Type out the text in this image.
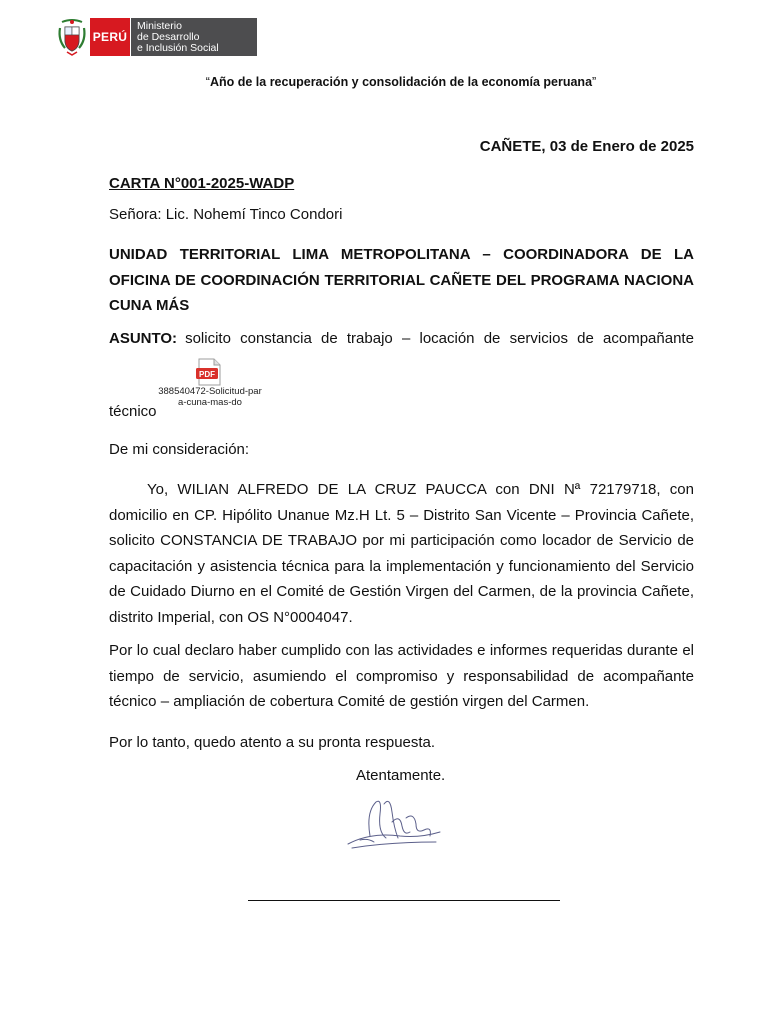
PERÚ
Ministerio
de Desarrollo
e Inclusión Social
“Año de la recuperación y consolidación de la economía peruana”
CAÑETE, 03 de Enero de 2025
CARTA N°001-2025-WADP
Señora: Lic. Nohemí Tinco Condori
UNIDAD TERRITORIAL LIMA METROPOLITANA – COORDINADORA DE LA OFICINA DE COORDINACIÓN TERRITORIAL CAÑETE DEL PROGRAMA NACIONA CUNA MÁS
ASUNTO: solicito constancia de trabajo – locación de servicios de acompañante
PDF
388540472-Solicitud-para-cuna-mas-do
técnico
De mi consideración:
Yo, WILIAN ALFREDO DE LA CRUZ PAUCCA con DNI Nª 72179718, con domicilio en CP. Hipólito Unanue Mz.H Lt. 5 – Distrito San Vicente – Provincia Cañete, solicito CONSTANCIA DE TRABAJO por mi participación como locador de Servicio de capacitación y asistencia técnica para la implementación y funcionamiento del Servicio de Cuidado Diurno en el Comité de Gestión Virgen del Carmen, de la provincia Cañete, distrito Imperial, con OS N°0004047.
Por lo cual declaro haber cumplido con las actividades e informes requeridas durante el tiempo de servicio, asumiendo el compromiso y responsabilidad de acompañante técnico – ampliación de cobertura Comité de gestión virgen del Carmen.
Por lo tanto, quedo atento a su pronta respuesta.
Atentamente.
